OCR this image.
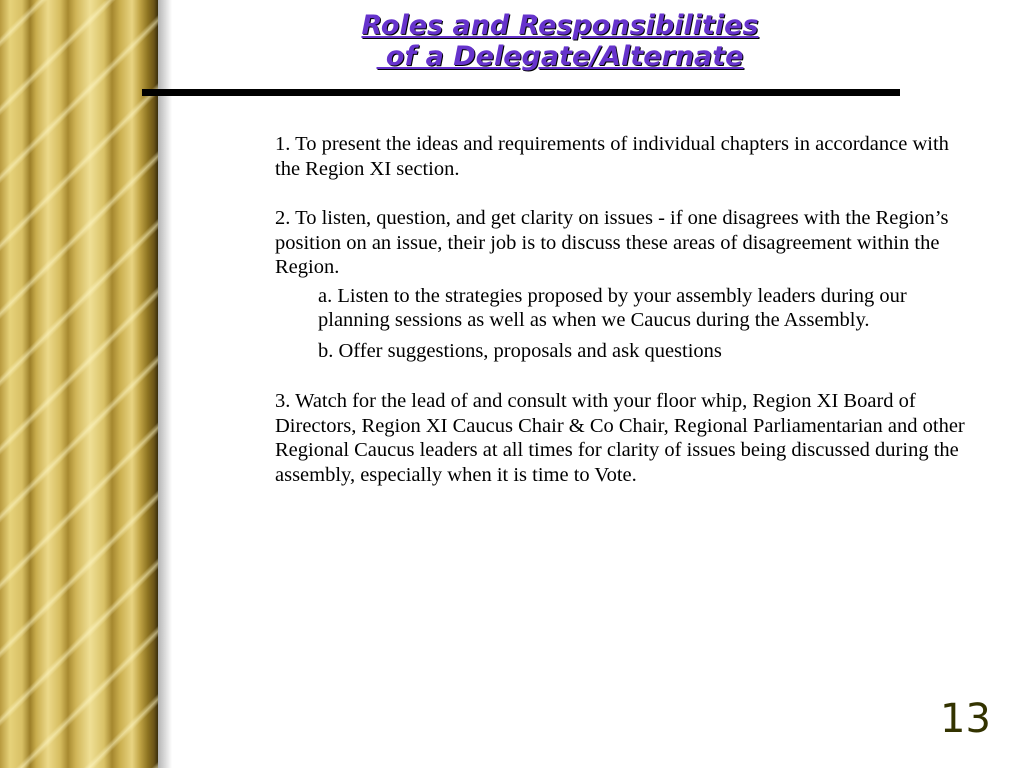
Roles and Responsibilities
of a Delegate/Alternate

1. To present the ideas and requirements of individual chapters in accordance with the Region XI section.

2. To listen, question, and get clarity on issues - if one disagrees with the Region’s position on an issue, their job is to discuss these areas of disagreement within the Region.

a. Listen to the strategies proposed by your assembly leaders during our planning sessions as well as when we Caucus during the Assembly.

b. Offer suggestions, proposals and ask questions

3. Watch for the lead of and consult with your floor whip, Region XI Board of Directors, Region XI Caucus Chair & Co Chair, Regional Parliamentarian and other Regional Caucus leaders at all times for clarity of issues being discussed during the assembly, especially when it is time to Vote.

13
